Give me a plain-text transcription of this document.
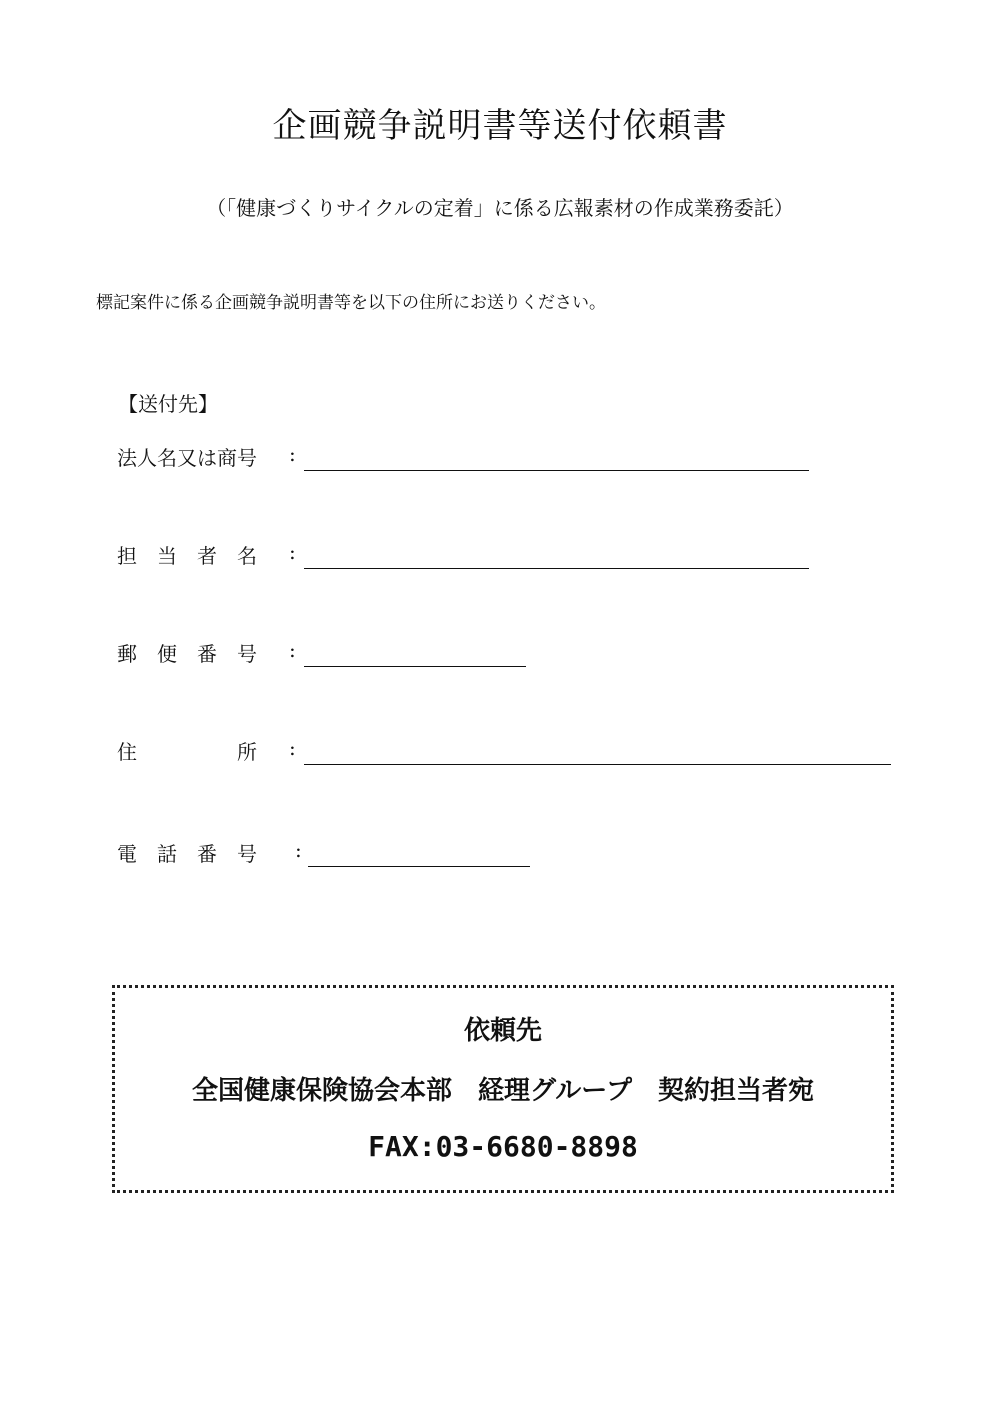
企画競争説明書等送付依頼書
（「健康づくりサイクルの定着」に係る広報素材の作成業務委託）
標記案件に係る企画競争説明書等を以下の住所にお送りください。
【送付先】
法人名又は商号 :
担　当　者　名 :
郵　便　番　号 :
住　　　　　所 :
電　話　番　号 :
依頼先
全国健康保険協会本部　経理グループ　契約担当者宛
FAX:03-6680-8898
